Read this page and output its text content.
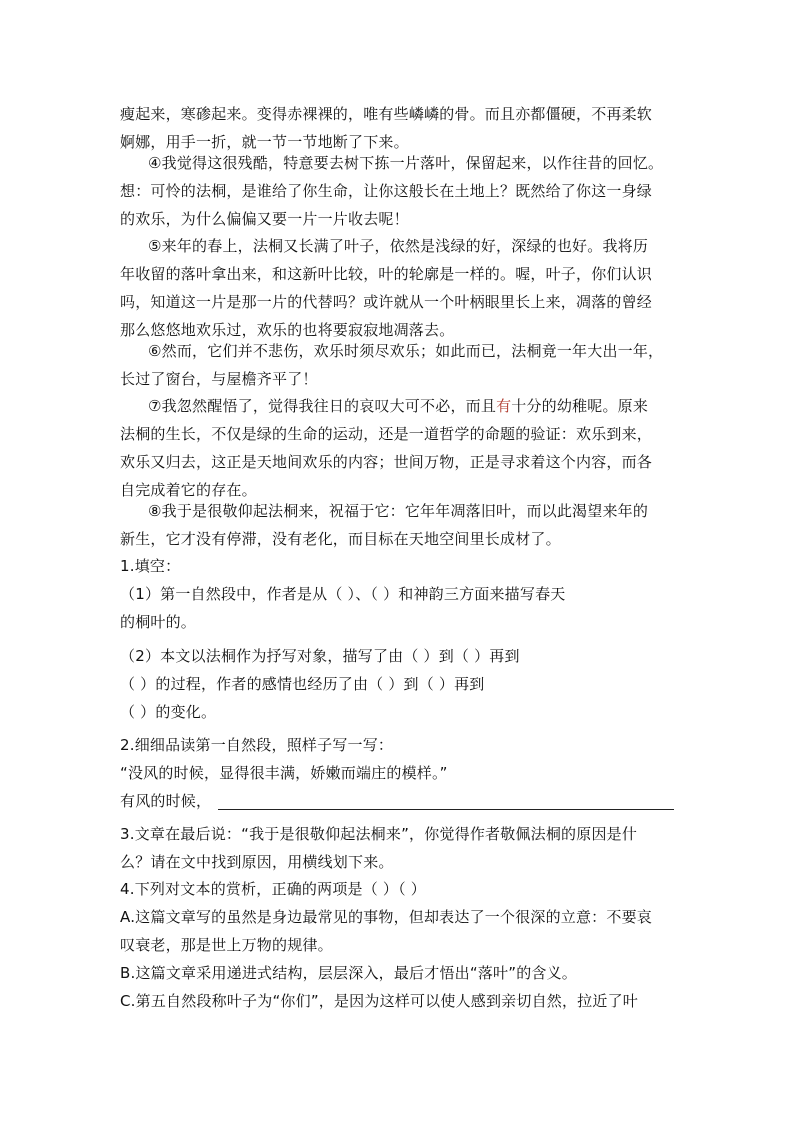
瘦起来，寒碜起来。变得赤裸裸的，唯有些嶙嶙的骨。而且亦都僵硬，不再柔软
婀娜，用手一折，就一节一节地断了下来。
④我觉得这很残酷，特意要去树下拣一片落叶，保留起来，以作往昔的回忆。
想：可怜的法桐，是谁给了你生命，让你这般长在土地上？既然给了你这一身绿
的欢乐，为什么偏偏又要一片一片收去呢！
⑤来年的春上，法桐又长满了叶子，依然是浅绿的好，深绿的也好。我将历
年收留的落叶拿出来，和这新叶比较，叶的轮廓是一样的。喔，叶子，你们认识
吗，知道这一片是那一片的代替吗？或许就从一个叶柄眼里长上来，凋落的曾经
那么悠悠地欢乐过，欢乐的也将要寂寂地凋落去。
⑥然而，它们并不悲伤，欢乐时须尽欢乐；如此而已，法桐竟一年大出一年，
长过了窗台，与屋檐齐平了！
⑦我忽然醒悟了，觉得我往日的哀叹大可不必，而且有十分的幼稚呢。原来
法桐的生长，不仅是绿的生命的运动，还是一道哲学的命题的验证：欢乐到来，
欢乐又归去，这正是天地间欢乐的内容；世间万物，正是寻求着这个内容，而各
自完成着它的存在。
⑧我于是很敬仰起法桐来，祝福于它：它年年凋落旧叶，而以此渴望来年的
新生，它才没有停滞，没有老化，而目标在天地空间里长成材了。
1.填空：
（1）第一自然段中，作者是从（ ）、（ ）和神韵三方面来描写春天
的桐叶的。
（2）本文以法桐作为抒写对象，描写了由（ ）到（ ）再到
（ ）的过程，作者的感情也经历了由（ ）到（ ）再到
（ ）的变化。
2.细细品读第一自然段，照样子写一写：
“没风的时候，显得很丰满，娇嫩而端庄的模样。”
有风的时候，
3.文章在最后说：“我于是很敬仰起法桐来”，你觉得作者敬佩法桐的原因是什
么？请在文中找到原因，用横线划下来。
4.下列对文本的赏析，正确的两项是（ ）（ ）
A.这篇文章写的虽然是身边最常见的事物，但却表达了一个很深的立意：不要哀
叹衰老，那是世上万物的规律。
B.这篇文章采用递进式结构，层层深入，最后才悟出“落叶”的含义。
C.第五自然段称叶子为“你们”，是因为这样可以使人感到亲切自然，拉近了叶
